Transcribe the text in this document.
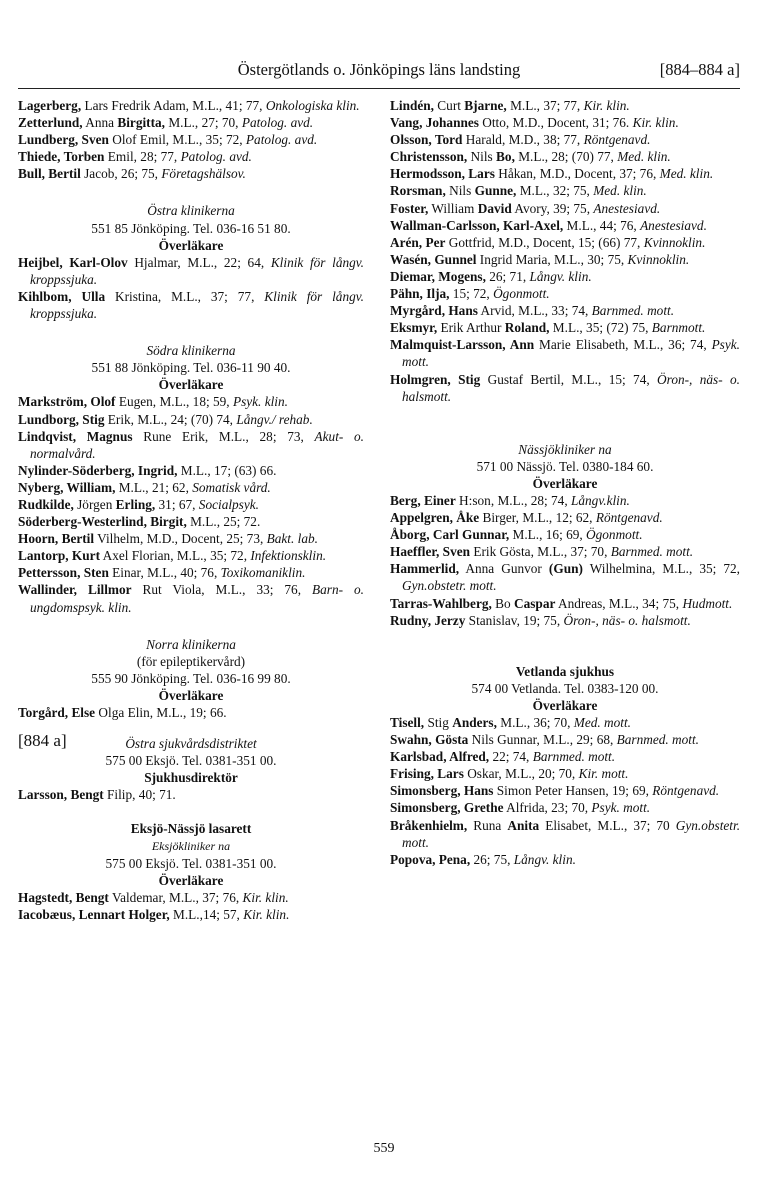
Östergötlands o. Jönköpings läns landsting	[884–884 a]
Lagerberg, Lars Fredrik Adam, M.L., 41; 77, Onkologiska klin.
Zetterlund, Anna Birgitta, M.L., 27; 70, Patolog. avd.
Lundberg, Sven Olof Emil, M.L., 35; 72, Patolog. avd.
Thiede, Torben Emil, 28; 77, Patolog. avd.
Bull, Bertil Jacob, 26; 75, Företagshälsov.
Östra klinikerna
551 85 Jönköping. Tel. 036-16 51 80.
Överläkare
Heijbel, Karl-Olov Hjalmar, M.L., 22; 64, Klinik för långv. kroppssjuka.
Kihlbom, Ulla Kristina, M.L., 37; 77, Klinik för långv. kroppssjuka.
Södra klinikerna
551 88 Jönköping. Tel. 036-11 90 40.
Överläkare
Markström, Olof Eugen, M.L., 18; 59, Psyk. klin.
Lundborg, Stig Erik, M.L., 24; (70) 74, Långv./ rehab.
Lindqvist, Magnus Rune Erik, M.L., 28; 73, Akut- o. normalvård.
Nylinder-Söderberg, Ingrid, M.L., 17; (63) 66.
Nyberg, William, M.L., 21; 62, Somatisk vård.
Rudkilde, Jörgen Erling, 31; 67, Socialpsyk.
Söderberg-Westerlind, Birgit, M.L., 25; 72.
Hoorn, Bertil Vilhelm, M.D., Docent, 25; 73, Bakt. lab.
Lantorp, Kurt Axel Florian, M.L., 35; 72, Infektionsklin.
Pettersson, Sten Einar, M.L., 40; 76, Toxikomaniklin.
Wallinder, Lillmor Rut Viola, M.L., 33; 76, Barn- o. ungdomspsyk. klin.
Norra klinikerna
(för epileptikervård)
555 90 Jönköping. Tel. 036-16 99 80.
Överläkare
Torgård, Else Olga Elin, M.L., 19; 66.
[884 a]	Östra sjukvårdsdistriktet
575 00 Eksjö. Tel. 0381-351 00.
Sjukhusdirektör
Larsson, Bengt Filip, 40; 71.
Eksjö-Nässjö lasarett
Eksjökliniker na
575 00 Eksjö. Tel. 0381-351 00.
Överläkare
Hagstedt, Bengt Valdemar, M.L., 37; 76, Kir. klin.
Iacobæus, Lennart Holger, M.L.,14; 57, Kir. klin.
Lindén, Curt Bjarne, M.L., 37; 77, Kir. klin.
Vang, Johannes Otto, M.D., Docent, 31; 76. Kir. klin.
Olsson, Tord Harald, M.D., 38; 77, Röntgenavd.
Christensson, Nils Bo, M.L., 28; (70) 77, Med. klin.
Hermodsson, Lars Håkan, M.D., Docent, 37; 76, Med. klin.
Rorsman, Nils Gunne, M.L., 32; 75, Med. klin.
Foster, William David Avory, 39; 75, Anestesiavd.
Wallman-Carlsson, Karl-Axel, M.L., 44; 76, Anestesiavd.
Arén, Per Gottfrid, M.D., Docent, 15; (66) 77, Kvinnoklin.
Wasén, Gunnel Ingrid Maria, M.L., 30; 75, Kvinnoklin.
Diemar, Mogens, 26; 71, Långv. klin.
Pähn, Ilja, 15; 72, Ögonmott.
Myrgård, Hans Arvid, M.L., 33; 74, Barnmed. mott.
Eksmyr, Erik Arthur Roland, M.L., 35; (72) 75, Barnmott.
Malmquist-Larsson, Ann Marie Elisabeth, M.L., 36; 74, Psyk. mott.
Holmgren, Stig Gustaf Bertil, M.L., 15; 74, Öron-, näs- o. halsmott.
Nässjökliniker na
571 00 Nässjö. Tel. 0380-184 60.
Överläkare
Berg, Einer H:son, M.L., 28; 74, Långv.klin.
Appelgren, Åke Birger, M.L., 12; 62, Röntgenavd.
Åborg, Carl Gunnar, M.L., 16; 69, Ögonmott.
Haeffler, Sven Erik Gösta, M.L., 37; 70, Barnmed. mott.
Hammerlid, Anna Gunvor (Gun) Wilhelmina, M.L., 35; 72, Gyn.obstetr. mott.
Tarras-Wahlberg, Bo Caspar Andreas, M.L., 34; 75, Hudmott.
Rudny, Jerzy Stanislav, 19; 75, Öron-, näs- o. halsmott.
Vetlanda sjukhus
574 00 Vetlanda. Tel. 0383-120 00.
Överläkare
Tisell, Stig Anders, M.L., 36; 70, Med. mott.
Swahn, Gösta Nils Gunnar, M.L., 29; 68, Barnmed. mott.
Karlsbad, Alfred, 22; 74, Barnmed. mott.
Frising, Lars Oskar, M.L., 20; 70, Kir. mott.
Simonsberg, Hans Simon Peter Hansen, 19; 69, Röntgenavd.
Simonsberg, Grethe Alfrida, 23; 70, Psyk. mott.
Bråkenhielm, Runa Anita Elisabet, M.L., 37; 70 Gyn.obstetr. mott.
Popova, Pena, 26; 75, Långv. klin.
559
